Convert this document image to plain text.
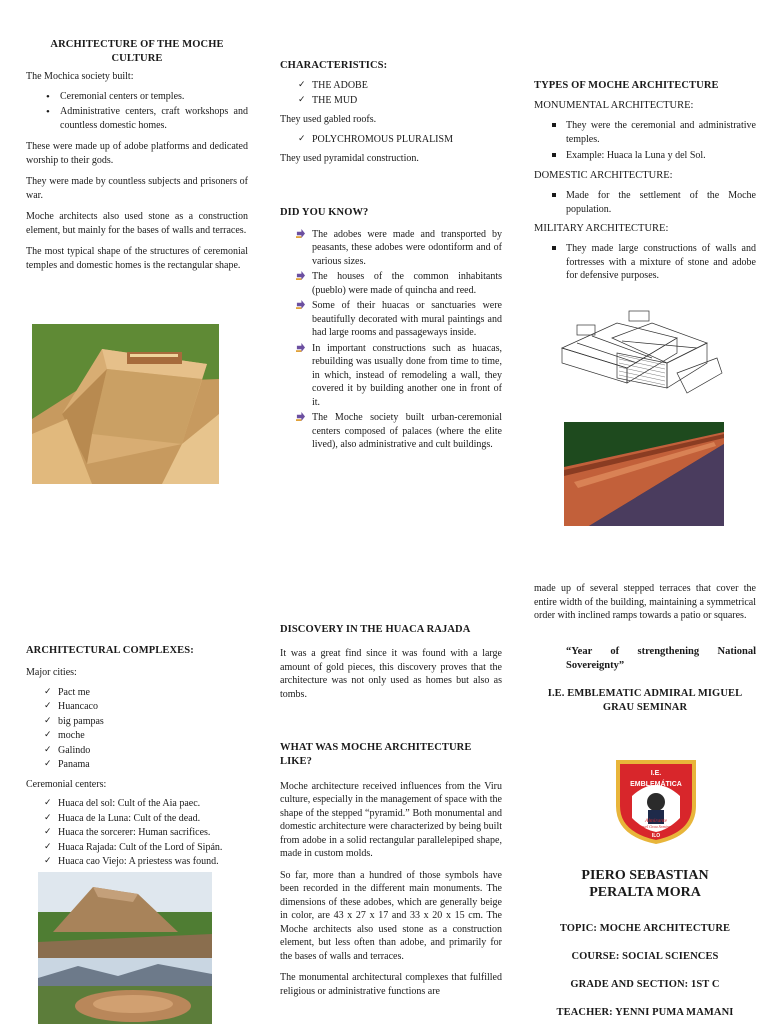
ARCHITECTURE OF THE MOCHE CULTURE

The Mochica society built:

• Ceremonial centers or temples.
• Administrative centers, craft workshops and countless domestic homes.

These were made up of adobe platforms and dedicated worship to their gods.

They were made by countless subjects and prisoners of war.

Moche architects also used stone as a construction element, but mainly for the bases of walls and terraces.

The most typical shape of the structures of ceremonial temples and domestic homes is the rectangular shape.

CHARACTERISTICS:
✓ THE ADOBE
✓ THE MUD

They used gabled roofs.

✓ POLYCHROMOUS PLURALISM

They used pyramidal construction.

DID YOU KNOW?
The adobes were made and transported by peasants, these adobes were odontiform and of various sizes.
The houses of the common inhabitants (pueblo) were made of quincha and reed.
Some of their huacas or sanctuaries were beautifully decorated with mural paintings and had large rooms and passageways inside.
In important constructions such as huacas, rebuilding was usually done from time to time, in which, instead of remodeling a wall, they covered it by building another one in front of it.
The Moche society built urban-ceremonial centers composed of palaces (where the elite lived), also administrative and cult buildings.
TYPES OF MOCHE ARCHITECTURE
MONUMENTAL ARCHITECTURE:
They were the ceremonial and administrative temples.
Example: Huaca la Luna y del Sol.
DOMESTIC ARCHITECTURE:
Made for the settlement of the Moche population.
MILITARY ARCHITECTURE:
They made large constructions of walls and fortresses with a mixture of stone and adobe for defensive purposes.
ARCHITECTURAL COMPLEXES:

Major cities:

✓ Pact me
✓ Huancaco
✓ big pampas
✓ moche
✓ Galindo
✓ Panama

Ceremonial centers:

✓ Huaca del sol: Cult of the Aia paec.
✓ Huaca de la Luna: Cult of the dead.
✓ Huaca the sorcerer: Human sacrifices.
✓ Huaca Rajada: Cult of the Lord of Sipán.
✓ Huaca cao Viejo: A priestess was found.
DISCOVERY IN THE HUACA RAJADA

It was a great find since it was found with a large amount of gold pieces, this discovery proves that the architecture was not only used as homes but also as tombs.

WHAT WAS MOCHE ARCHITECTURE LIKE?

Moche architecture received influences from the Viru culture, especially in the management of space with the shape of the stepped “pyramid.” Both monumental and domestic architecture were characterized by being built from adobe in a solid rectangular parallelepiped shape, made in custom molds.

So far, more than a hundred of those symbols have been recorded in the different main monuments. The dimensions of these adobes, which are generally beige in color, are 43 x 27 x 17 and 33 x 20 x 15 cm. The Moche architects also used stone as a construction element, but less often than adobe, and primarily for the bases of walls and terraces.

The monumental architectural complexes that fulfilled religious or administrative functions are

made up of several stepped terraces that cover the entire width of the building, maintaining a symmetrical order with inclined ramps towards a patio or squares.

“Year of strengthening National Sovereignty”
I.E. EMBLEMATIC ADMIRAL MIGUEL GRAU SEMINAR
I.E.
EMBLEMÁTICA
Almirante
Miguel Grau Seminario
ILO
PIERO SEBASTIAN PERALTA MORA
TOPIC: MOCHE ARCHITECTURE
COURSE: SOCIAL SCIENCES
GRADE AND SECTION: 1ST C
TEACHER: YENNI PUMA MAMANI
